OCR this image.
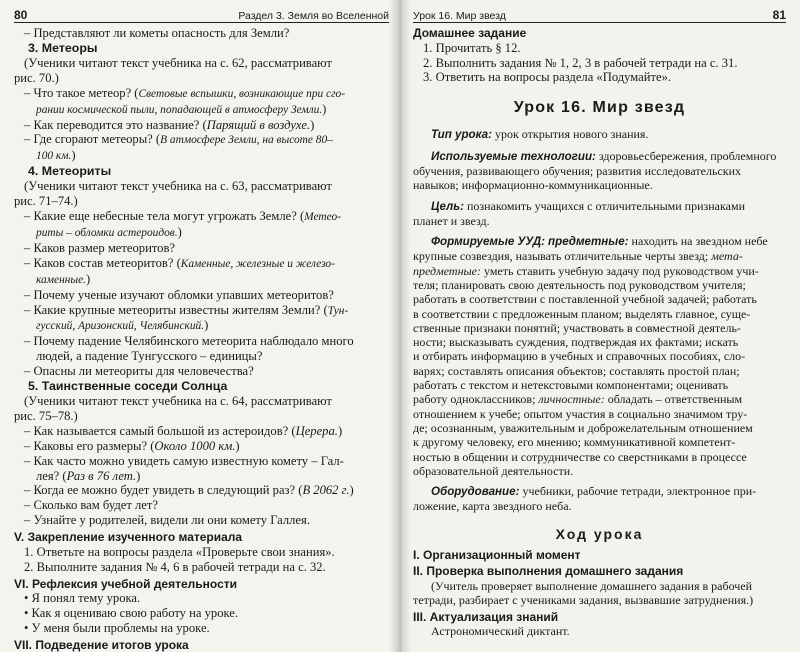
80	Раздел 3. Земля во Вселенной
– Представляют ли кометы опасность для Земли?
3. Метеоры
(Ученики читают текст учебника на с. 62, рассматривают
рис. 70.)
– Что такое метеор? (Световые вспышки, возникающие при сго-
рании космической пыли, попадающей в атмосферу Земли.)
– Как переводится это название? (Парящий в воздухе.)
– Где сгорают метеоры? (В атмосфере Земли, на высоте 80–
100 км.)
4. Метеориты
(Ученики читают текст учебника на с. 63, рассматривают
рис. 71–74.)
– Какие еще небесные тела могут угрожать Земле? (Метео-
риты – обломки астероидов.)
– Каков размер метеоритов?
– Каков состав метеоритов? (Каменные, железные и железо-
каменные.)
– Почему ученые изучают обломки упавших метеоритов?
– Какие крупные метеориты известны жителям Земли? (Тун-
гусский, Аризонский, Челябинский.)
– Почему падение Челябинского метеорита наблюдало много
людей, а падение Тунгусского – единицы?
– Опасны ли метеориты для человечества?
5. Таинственные соседи Солнца
(Ученики читают текст учебника на с. 64, рассматривают
рис. 75–78.)
– Как называется самый большой из астероидов? (Церера.)
– Каковы его размеры? (Около 1000 км.)
– Как часто можно увидеть самую известную комету – Гал-
лея? (Раз в 76 лет.)
– Когда ее можно будет увидеть в следующий раз? (В 2062 г.)
– Сколько вам будет лет?
– Узнайте у родителей, видели ли они комету Галлея.
V. Закрепление изученного материала
1. Ответьте на вопросы раздела «Проверьте свои знания».
2. Выполните задания № 4, 6 в рабочей тетради на с. 32.
VI. Рефлексия учебной деятельности
• Я понял тему урока.
• Как я оцениваю свою работу на уроке.
• У меня были проблемы на уроке.
VII. Подведение итогов урока
Урок 16. Мир звезд	81
Домашнее задание
1. Прочитать § 12.
2. Выполнить задания № 1, 2, 3 в рабочей тетради на с. 31.
3. Ответить на вопросы раздела «Подумайте».
Урок 16. Мир звезд
Тип урока: урок открытия нового знания.
Используемые технологии: здоровьесбережения, проблемного
обучения, развивающего обучения; развития исследовательских
навыков; информационно-коммуникационные.
Цель: познакомить учащихся с отличительными признаками
планет и звезд.
Формируемые УУД: предметные: находить на звездном небе
крупные созвездия, называть отличительные черты звезд; мета-
предметные: уметь ставить учебную задачу под руководством учи-
теля; планировать свою деятельность под руководством учителя;
работать в соответствии с поставленной учебной задачей; работать
в соответствии с предложенным планом; выделять главное, суще-
ственные признаки понятий; участвовать в совместной деятель-
ности; высказывать суждения, подтверждая их фактами; искать
и отбирать информацию в учебных и справочных пособиях, сло-
варях; составлять описания объектов; составлять простой план;
работать с текстом и нетекстовыми компонентами; оценивать
работу одноклассников; личностные: обладать – ответственным
отношением к учебе; опытом участия в социально значимом тру-
де; осознанным, уважительным и доброжелательным отношением
к другому человеку, его мнению; коммуникативной компетент-
ностью в общении и сотрудничестве со сверстниками в процессе
образовательной деятельности.
Оборудование: учебники, рабочие тетради, электронное при-
ложение, карта звездного неба.
Ход урока
I. Организационный момент
II. Проверка выполнения домашнего задания
(Учитель проверяет выполнение домашнего задания в рабочей
тетради, разбирает с учениками задания, вызвавшие затруднения.)
III. Актуализация знаний
Астрономический диктант.
